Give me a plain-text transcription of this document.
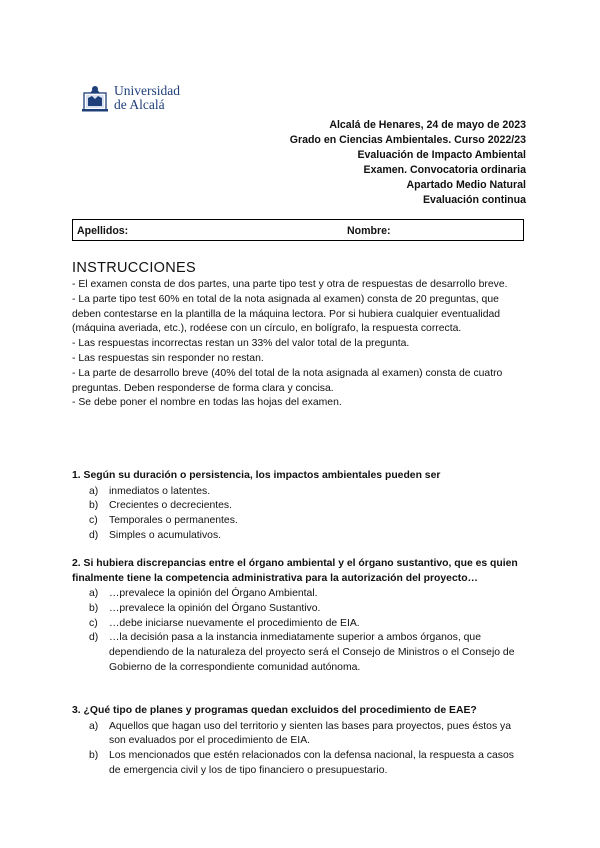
Universidad
de Alcalá
Alcalá de Henares, 24 de mayo de 2023
Grado en Ciencias Ambientales. Curso 2022/23
Evaluación de Impacto Ambiental
Examen. Convocatoria ordinaria
Apartado Medio Natural
Evaluación continua
Apellidos:	Nombre:
INSTRUCCIONES
- El examen consta de dos partes, una parte tipo test y otra de respuestas de desarrollo breve.
- La parte tipo test 60% en total de la nota asignada al examen) consta de 20 preguntas, que deben contestarse en la plantilla de la máquina lectora. Por si hubiera cualquier eventualidad (máquina averiada, etc.), rodéese con un círculo, en bolígrafo, la respuesta correcta.
- Las respuestas incorrectas restan un 33% del valor total de la pregunta.
- Las respuestas sin responder no restan.
- La parte de desarrollo breve (40% del total de la nota asignada al examen) consta de cuatro preguntas. Deben responderse de forma clara y concisa.
- Se debe poner el nombre en todas las hojas del examen.
1. Según su duración o persistencia, los impactos ambientales pueden ser
a) inmediatos o latentes.
b) Crecientes o decrecientes.
c) Temporales o permanentes.
d) Simples o acumulativos.
2. Si hubiera discrepancias entre el órgano ambiental y el órgano sustantivo, que es quien finalmente tiene la competencia administrativa para la autorización del proyecto…
a) …prevalece la opinión del Órgano Ambiental.
b) …prevalece la opinión del Órgano Sustantivo.
c) …debe iniciarse nuevamente el procedimiento de EIA.
d) …la decisión pasa a la instancia inmediatamente superior a ambos órganos, que dependiendo de la naturaleza del proyecto será el Consejo de Ministros o el Consejo de Gobierno de la correspondiente comunidad autónoma.
3. ¿Qué tipo de planes y programas quedan excluidos del procedimiento de EAE?
a) Aquellos que hagan uso del territorio y sienten las bases para proyectos, pues éstos ya son evaluados por el procedimiento de EIA.
b) Los mencionados que estén relacionados con la defensa nacional, la respuesta a casos de emergencia civil y los de tipo financiero o presupuestario.
